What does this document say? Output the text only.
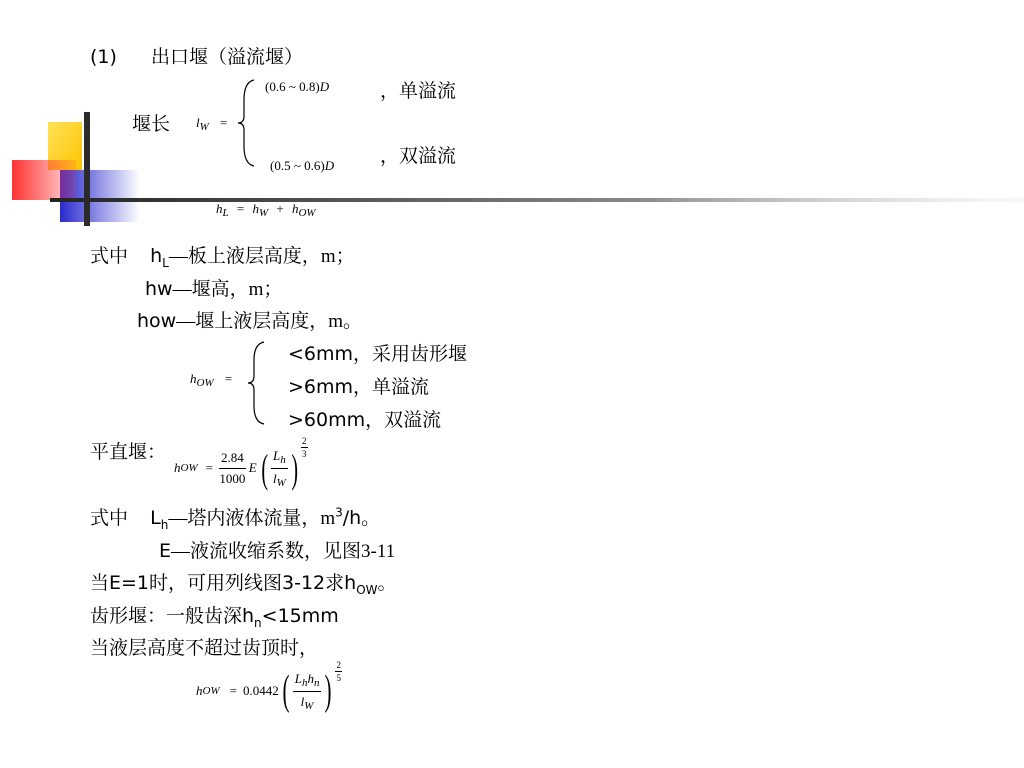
(1) 出口堰（溢流堰）
堰长 $l_W$ =
(0.6 ~ 0.8)D	，单溢流
(0.5 ~ 0.6)D ，双溢流
$h_L = h_W + h_{OW}$
式中 $h_L—$板上液层高度，m；
hw—堰高，m；
how—堰上液层高度，m。
$h_{OW}$ =
<6mm，采用齿形堰
>6mm，单溢流
>60mm，双溢流
平直堰：
h OW = $\frac{2.84}{1000}$ E ( $\frac{L_h}{l_W}$ ) $\frac{2}{3}$
式中 $L_h—$塔内液体流量，$m^3/h$。
E—液流收缩系数，见图3-11
当E=1时，可用列线图3-12求$h_{OW}$。
齿形堰：一般齿深$h_n<15mm$
当液层高度不超过齿顶时，
h OW = 0.0442 ( $\frac{L_hh_n}{l_W}$ ) $\frac{2}{5}$
